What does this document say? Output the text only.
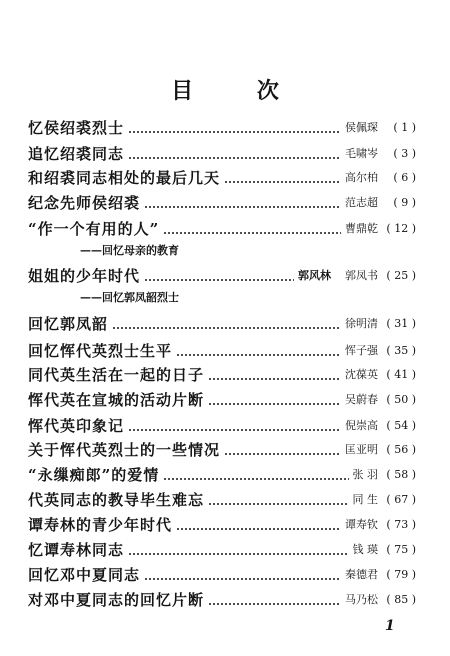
目 次
忆侯绍裘烈士	侯佩琛	( 1 )
追忆绍裘同志	毛啸岑	( 3 )
和绍裘同志相处的最后几天	高尔柏	( 6 )
纪念先师侯绍裘	范志超	( 9 )
“作一个有用的人”	曹鼎乾 ( 12 )
——回忆母亲的教育
姐姐的少年时代	郭风林 郭凤书 ( 25 )
——回忆郭凤韶烈士
回忆郭凤韶	徐明清 ( 31 )
回忆恽代英烈士生平	恽子强 ( 35 )
同代英生活在一起的日子	沈葆英 ( 41 )
恽代英在宣城的活动片断	吴蔚春 ( 50 )
恽代英印象记	倪崇高 ( 54 )
关于恽代英烈士的一些情况	匡亚明 ( 56 )
“永缫痴郎”的爱情	张 羽 ( 58 )
代英同志的教导毕生难忘	同 生 ( 67 )
谭寿林的青少年时代	谭寿钦 ( 73 )
忆谭寿林同志	钱 瑛 ( 75 )
回忆邓中夏同志	秦德君 ( 79 )
对邓中夏同志的回忆片断	马乃松 ( 85 )
1
